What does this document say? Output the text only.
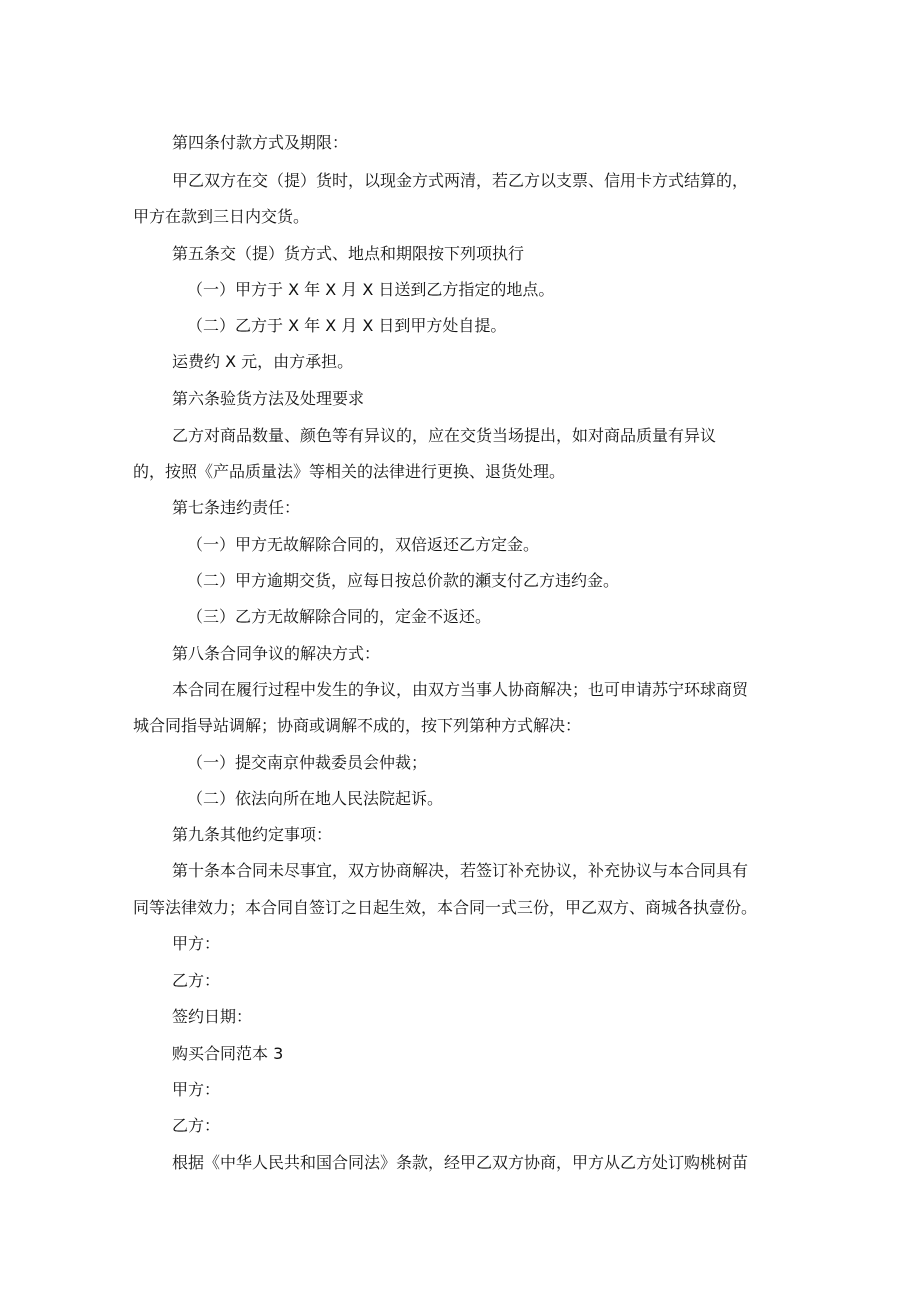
第四条付款方式及期限：

甲乙双方在交（提）货时，以现金方式两清，若乙方以支票、信用卡方式结算的，

甲方在款到三日内交货。

第五条交（提）货方式、地点和期限按下列项执行

（一）甲方于 X 年 X 月 X 日送到乙方指定的地点。

（二）乙方于 X 年 X 月 X 日到甲方处自提。

运费约 X 元，由方承担。

第六条验货方法及处理要求

乙方对商品数量、颜色等有异议的，应在交货当场提出，如对商品质量有异议

的，按照《产品质量法》等相关的法律进行更换、退货处理。

第七条违约责任：

（一）甲方无故解除合同的，双倍返还乙方定金。

（二）甲方逾期交货，应每日按总价款的瀬支付乙方违约金。

（三）乙方无故解除合同的，定金不返还。

第八条合同争议的解决方式：

本合同在履行过程中发生的争议，由双方当事人协商解决；也可申请苏宁环球商贸

城合同指导站调解；协商或调解不成的，按下列第种方式解决：

（一）提交南京仲裁委员会仲裁；

（二）依法向所在地人民法院起诉。

第九条其他约定事项：

第十条本合同未尽事宜，双方协商解决，若签订补充协议，补充协议与本合同具有

同等法律效力；本合同自签订之日起生效，本合同一式三份，甲乙双方、商城各执壹份。

甲方：

乙方：

签约日期：

购买合同范本 3

甲方：

乙方：

根据《中华人民共和国合同法》条款，经甲乙双方协商，甲方从乙方处订购桃树苗
